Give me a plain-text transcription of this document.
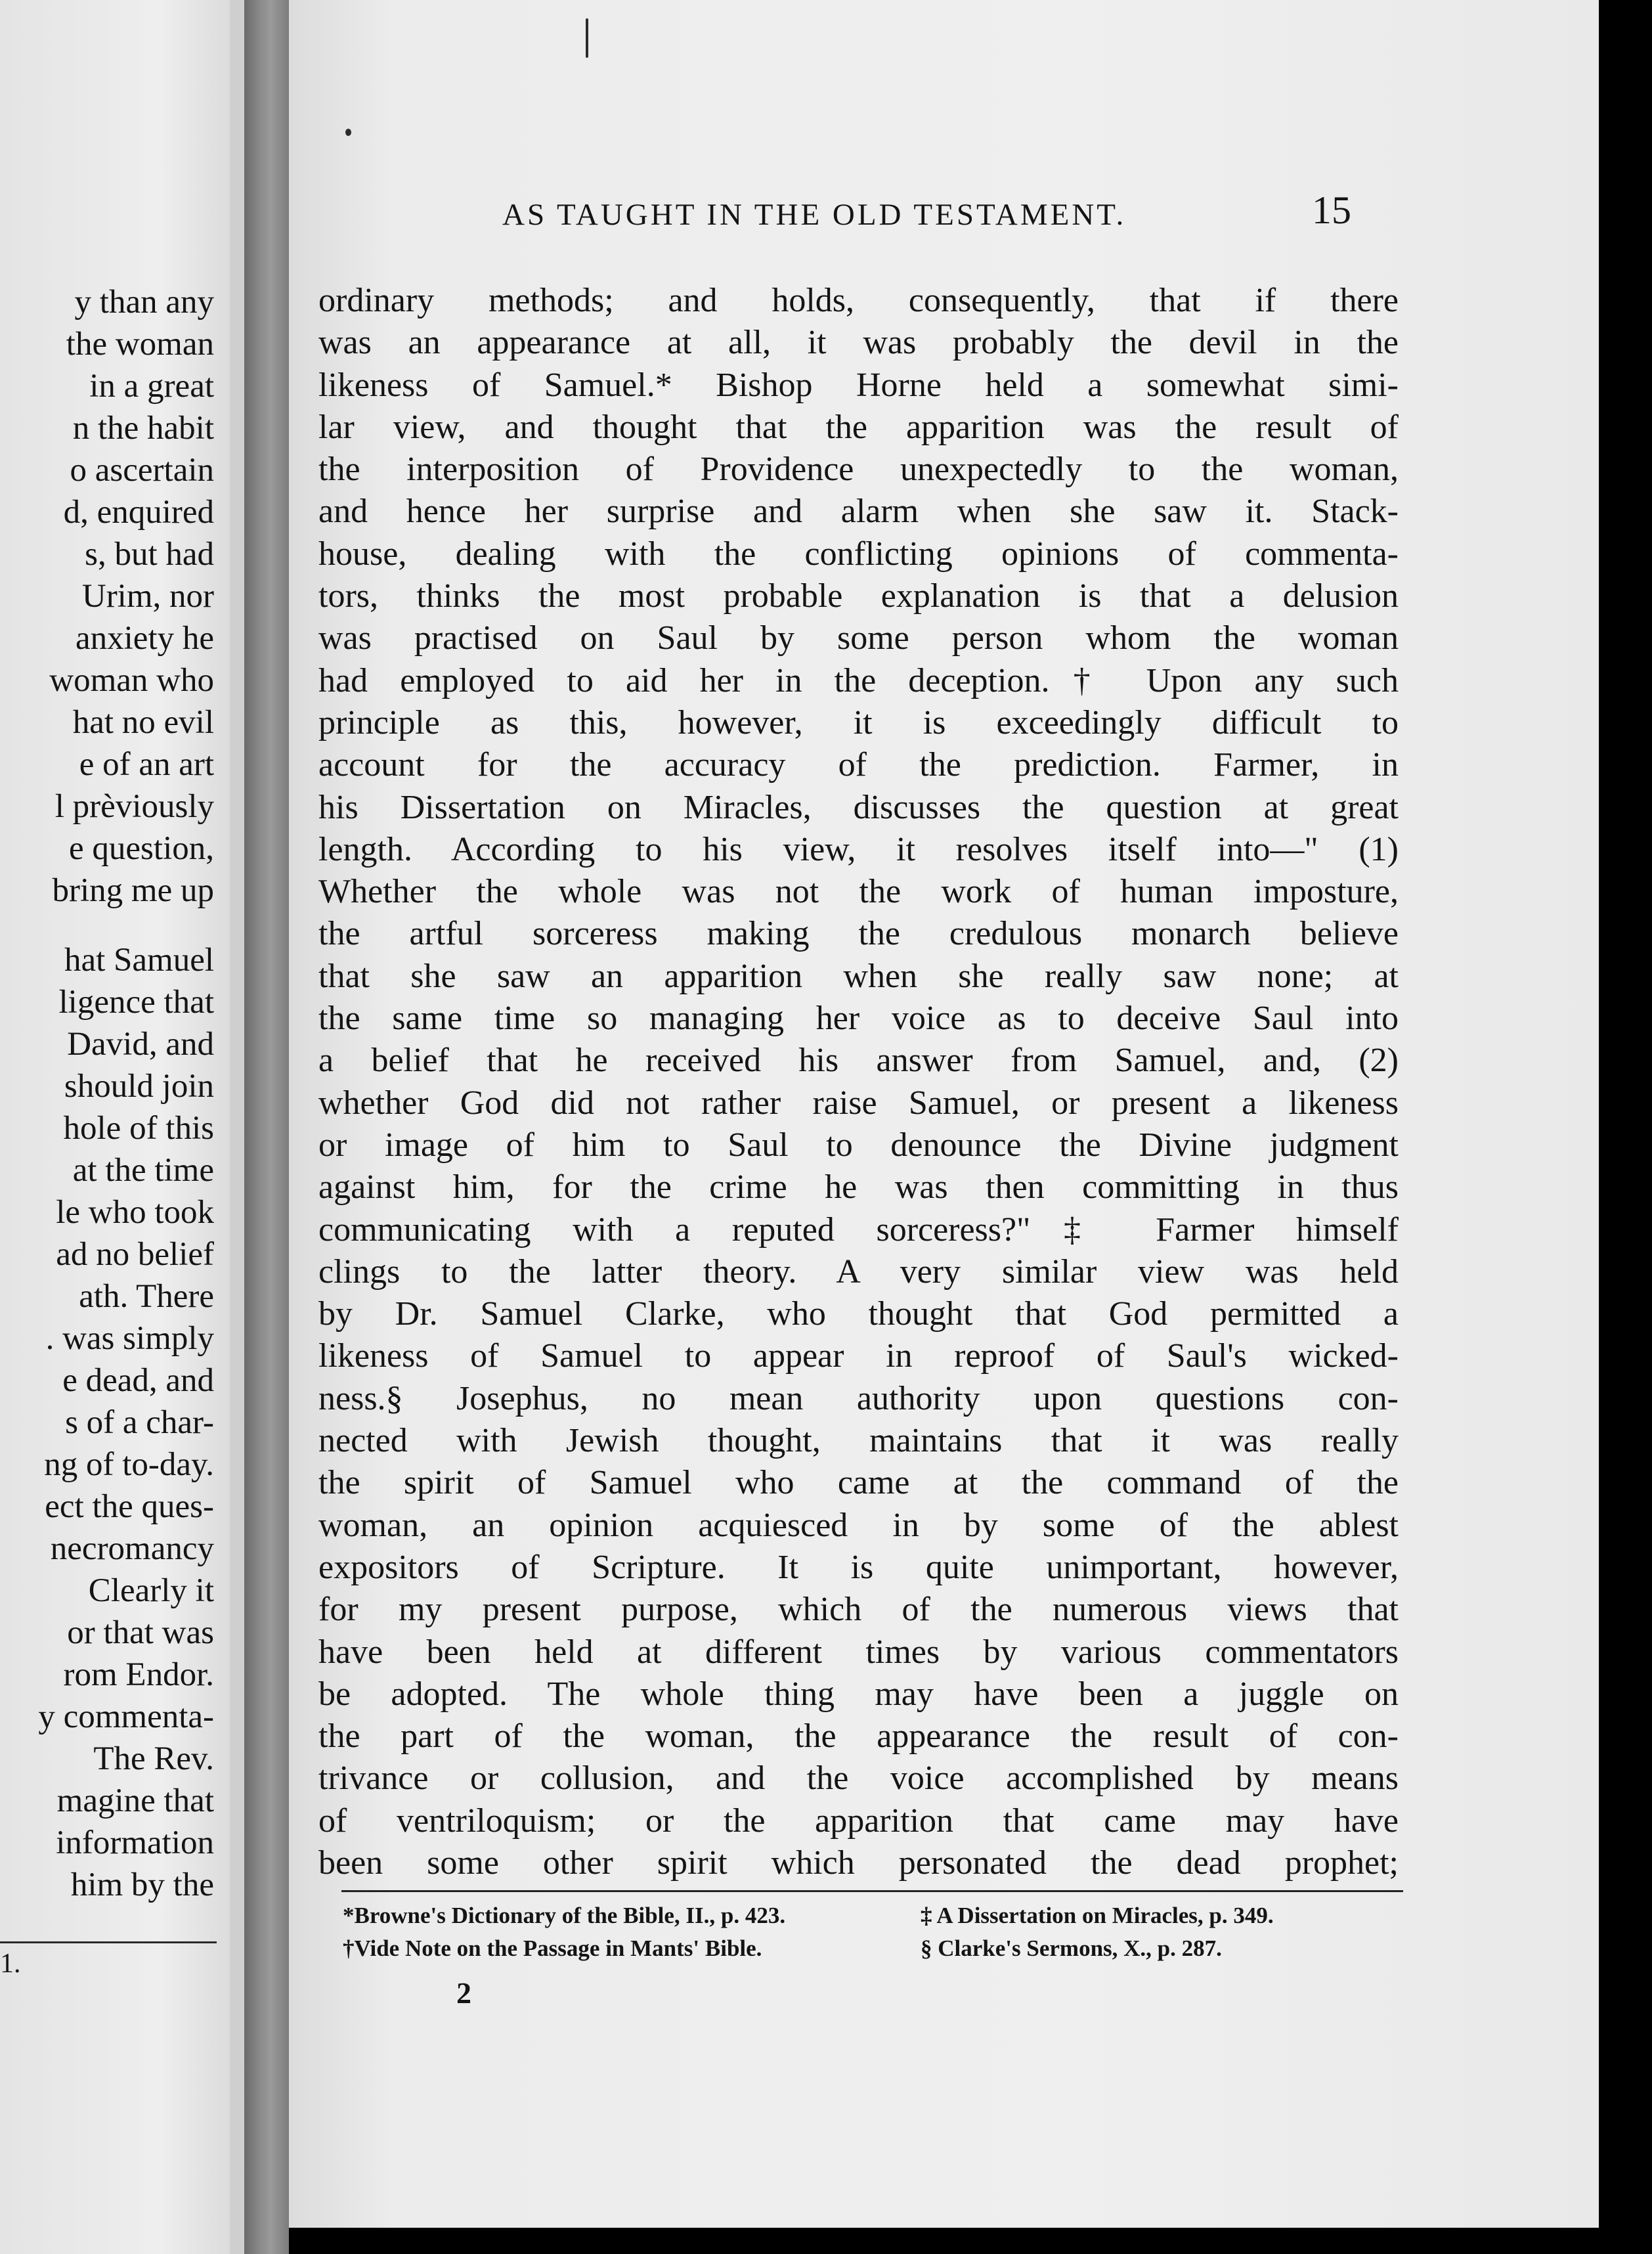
y than any
the woman
in a great
n the habit
o ascertain
d, enquired
s, but had
Urim, nor
anxiety he
woman who
hat no evil
e of an art
l prèviously
e question,
bring me up
hat Samuel
ligence that
David, and
should join
hole of this
at the time
le who took
ad no belief
ath. There
. was simply
e dead, and
s of a char-
ng of to-day.
ect the ques-
necromancy
Clearly it
or that was
rom Endor.
y commenta-
The Rev.
magine that
information
him by the
1.
AS TAUGHT IN THE OLD TESTAMENT.	15
ordinary methods; and holds, consequently, that if there
was an appearance at all, it was probably the devil in the
likeness of Samuel.* Bishop Horne held a somewhat simi-
lar view, and thought that the apparition was the result of
the interposition of Providence unexpectedly to the woman,
and hence her surprise and alarm when she saw it. Stack-
house, dealing with the conflicting opinions of commenta-
tors, thinks the most probable explanation is that a delusion
was practised on Saul by some person whom the woman
had employed to aid her in the deception.† Upon any such
principle as this, however, it is exceedingly difficult to
account for the accuracy of the prediction. Farmer, in
his Dissertation on Miracles, discusses the question at great
length. According to his view, it resolves itself into—" (1)
Whether the whole was not the work of human imposture,
the artful sorceress making the credulous monarch believe
that she saw an apparition when she really saw none; at
the same time so managing her voice as to deceive Saul into
a belief that he received his answer from Samuel, and, (2)
whether God did not rather raise Samuel, or present a likeness
or image of him to Saul to denounce the Divine judgment
against him, for the crime he was then committing in thus
communicating with a reputed sorceress?"‡ Farmer himself
clings to the latter theory. A very similar view was held
by Dr. Samuel Clarke, who thought that God permitted a
likeness of Samuel to appear in reproof of Saul's wicked-
ness.§ Josephus, no mean authority upon questions con-
nected with Jewish thought, maintains that it was really
the spirit of Samuel who came at the command of the
woman, an opinion acquiesced in by some of the ablest
expositors of Scripture. It is quite unimportant, however,
for my present purpose, which of the numerous views that
have been held at different times by various commentators
be adopted. The whole thing may have been a juggle on
the part of the woman, the appearance the result of con-
trivance or collusion, and the voice accomplished by means
of ventriloquism; or the apparition that came may have
been some other spirit which personated the dead prophet;
*Browne's Dictionary of the Bible, II., p. 423.	‡ A Dissertation on Miracles, p. 349.
†Vide Note on the Passage in Mants' Bible.	§ Clarke's Sermons, X., p. 287.
2
